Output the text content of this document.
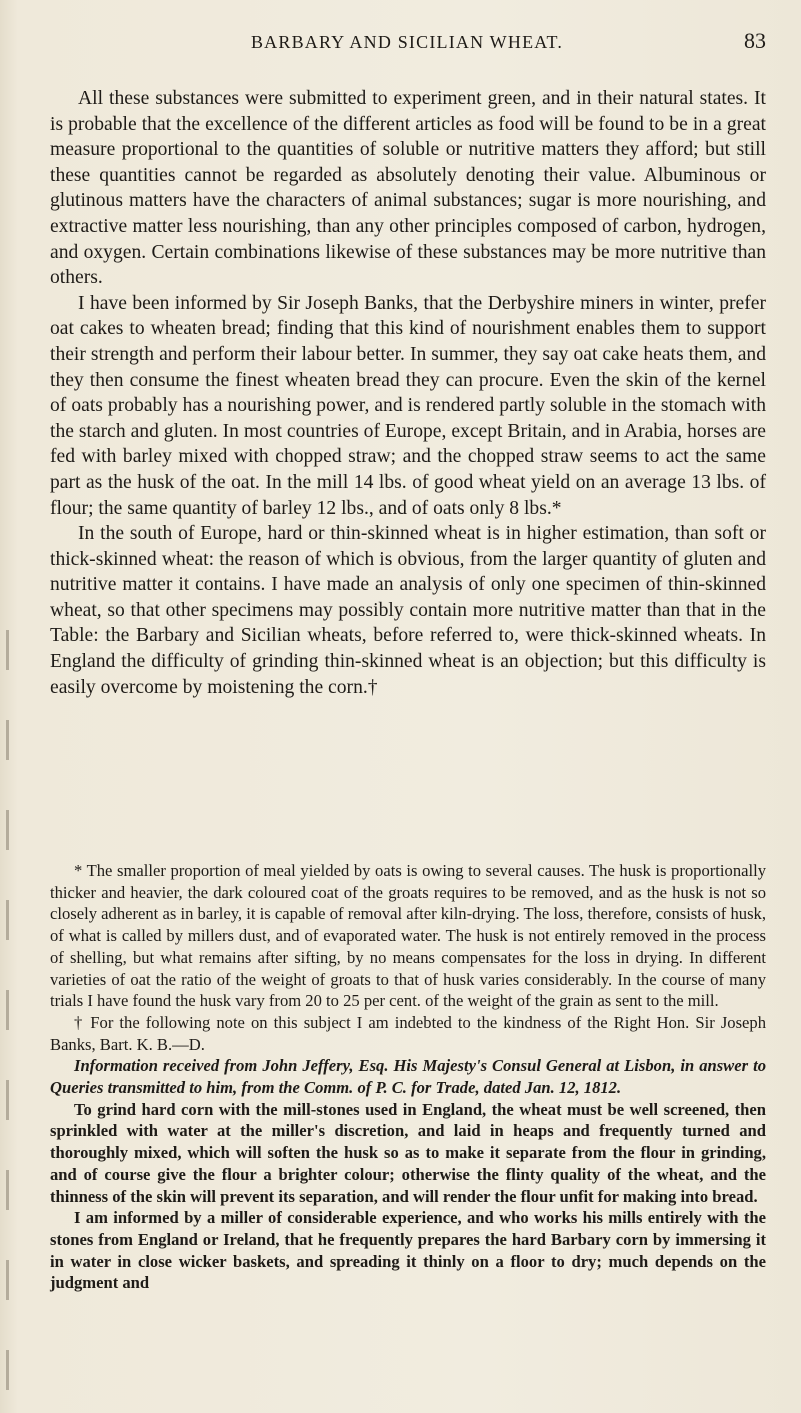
BARBARY AND SICILIAN WHEAT.	83

All these substances were submitted to experiment green, and in their natural states. It is probable that the excellence of the different articles as food will be found to be in a great measure proportional to the quantities of soluble or nutritive matters they afford; but still these quantities cannot be regarded as absolutely denoting their value. Albuminous or glutinous matters have the characters of animal substances; sugar is more nourishing, and extractive matter less nourishing, than any other principles composed of carbon, hydrogen, and oxygen. Certain combinations likewise of these substances may be more nutritive than others.

I have been informed by Sir Joseph Banks, that the Derbyshire miners in winter, prefer oat cakes to wheaten bread; finding that this kind of nourishment enables them to support their strength and perform their labour better. In summer, they say oat cake heats them, and they then consume the finest wheaten bread they can procure. Even the skin of the kernel of oats probably has a nourishing power, and is rendered partly soluble in the stomach with the starch and gluten. In most countries of Europe, except Britain, and in Arabia, horses are fed with barley mixed with chopped straw; and the chopped straw seems to act the same part as the husk of the oat. In the mill 14 lbs. of good wheat yield on an average 13 lbs. of flour; the same quantity of barley 12 lbs., and of oats only 8 lbs.*

In the south of Europe, hard or thin-skinned wheat is in higher estimation, than soft or thick-skinned wheat: the reason of which is obvious, from the larger quantity of gluten and nutritive matter it contains. I have made an analysis of only one specimen of thin-skinned wheat, so that other specimens may possibly contain more nutritive matter than that in the Table: the Barbary and Sicilian wheats, before referred to, were thick-skinned wheats. In England the difficulty of grinding thin-skinned wheat is an objection; but this difficulty is easily overcome by moistening the corn.†

* The smaller proportion of meal yielded by oats is owing to several causes. The husk is proportionally thicker and heavier, the dark coloured coat of the groats requires to be removed, and as the husk is not so closely adherent as in barley, it is capable of removal after kiln-drying. The loss, therefore, consists of husk, of what is called by millers dust, and of evaporated water. The husk is not entirely removed in the process of shelling, but what remains after sifting, by no means compensates for the loss in drying. In different varieties of oat the ratio of the weight of groats to that of husk varies considerably. In the course of many trials I have found the husk vary from 20 to 25 per cent. of the weight of the grain as sent to the mill.

† For the following note on this subject I am indebted to the kindness of the Right Hon. Sir Joseph Banks, Bart. K. B.—D.

Information received from John Jeffery, Esq. His Majesty's Consul General at Lisbon, in answer to Queries transmitted to him, from the Comm. of P. C. for Trade, dated Jan. 12, 1812.

To grind hard corn with the mill-stones used in England, the wheat must be well screened, then sprinkled with water at the miller's discretion, and laid in heaps and frequently turned and thoroughly mixed, which will soften the husk so as to make it separate from the flour in grinding, and of course give the flour a brighter colour; otherwise the flinty quality of the wheat, and the thinness of the skin will prevent its separation, and will render the flour unfit for making into bread.

I am informed by a miller of considerable experience, and who works his mills entirely with the stones from England or Ireland, that he frequently prepares the hard Barbary corn by immersing it in water in close wicker baskets, and spreading it thinly on a floor to dry; much depends on the judgment and
